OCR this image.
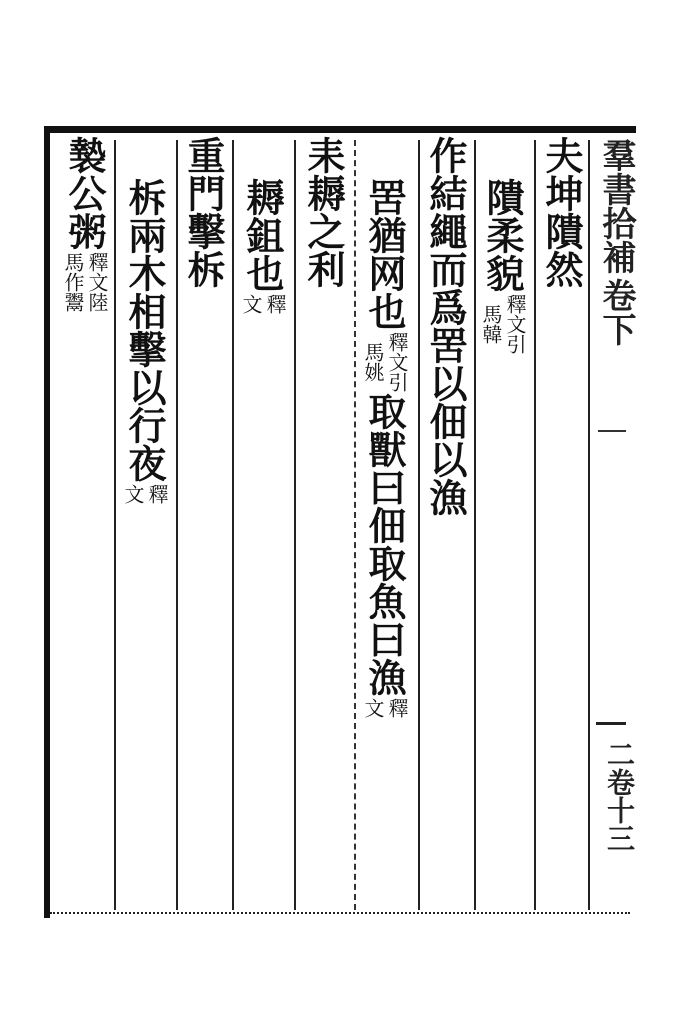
羣書拾補
卷下
二卷十三
夫坤隤然
隤柔貌
馬韓 釋文引
作結繩而爲罟以佃以漁
罟猶网也
馬姚 釋文引
取獸曰佃取魚曰漁
文 釋
耒耨之利
耨鉏也
文 釋
重門擊柝
柝兩木相擊以行夜
文 釋
褺公粥
馬作鬻 釋文陸
